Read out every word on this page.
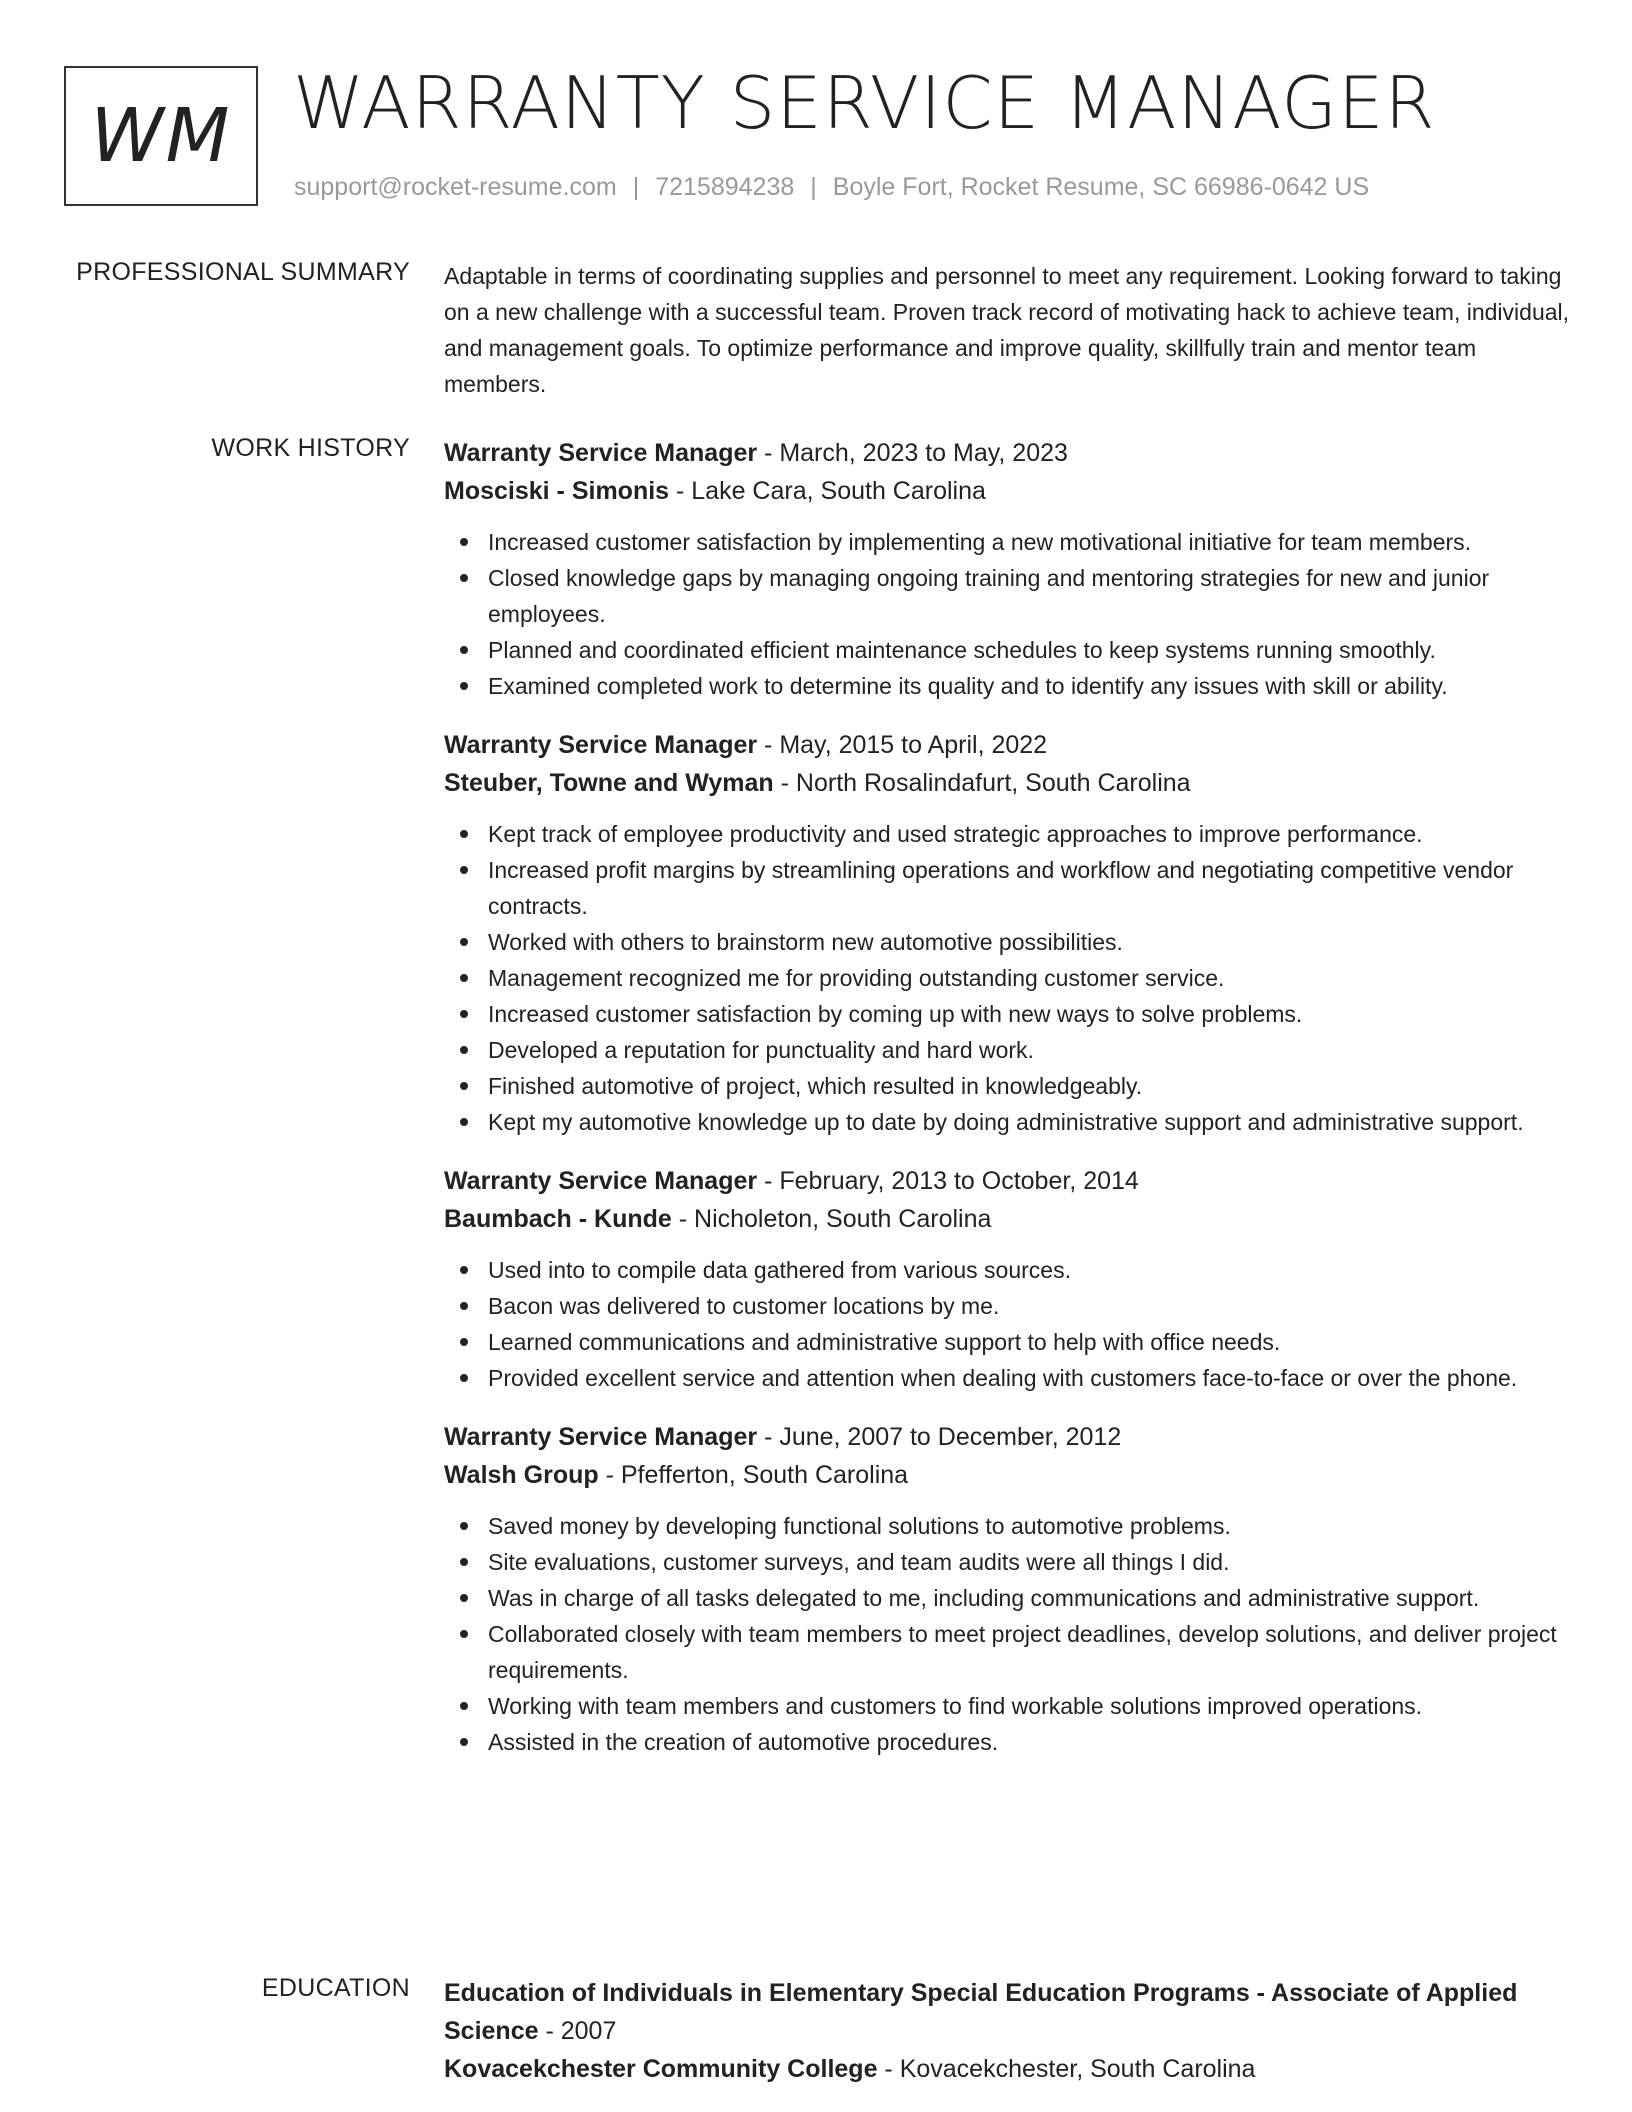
WM WARRANTY SERVICE MANAGER
support@rocket-resume.com | 7215894238 | Boyle Fort, Rocket Resume, SC 66986-0642 US
PROFESSIONAL SUMMARY Adaptable in terms of coordinating supplies and personnel to meet any requirement. Looking forward to taking on a new challenge with a successful team. Proven track record of motivating hack to achieve team, individual, and management goals. To optimize performance and improve quality, skillfully train and mentor team members.

WORK HISTORY Warranty Service Manager - March, 2023 to May, 2023
Mosciski - Simonis - Lake Cara, South Carolina
Increased customer satisfaction by implementing a new motivational initiative for team members.
Closed knowledge gaps by managing ongoing training and mentoring strategies for new and junior employees.
Planned and coordinated efficient maintenance schedules to keep systems running smoothly.
Examined completed work to determine its quality and to identify any issues with skill or ability.
Warranty Service Manager - May, 2015 to April, 2022
Steuber, Towne and Wyman - North Rosalindafurt, South Carolina
Kept track of employee productivity and used strategic approaches to improve performance.
Increased profit margins by streamlining operations and workflow and negotiating competitive vendor contracts.
Worked with others to brainstorm new automotive possibilities.
Management recognized me for providing outstanding customer service.
Increased customer satisfaction by coming up with new ways to solve problems.
Developed a reputation for punctuality and hard work.
Finished automotive of project, which resulted in knowledgeably.
Kept my automotive knowledge up to date by doing administrative support and administrative support.
Warranty Service Manager - February, 2013 to October, 2014
Baumbach - Kunde - Nicholeton, South Carolina
Used into to compile data gathered from various sources.
Bacon was delivered to customer locations by me.
Learned communications and administrative support to help with office needs.
Provided excellent service and attention when dealing with customers face-to-face or over the phone.
Warranty Service Manager - June, 2007 to December, 2012
Walsh Group - Pfefferton, South Carolina
Saved money by developing functional solutions to automotive problems.
Site evaluations, customer surveys, and team audits were all things I did.
Was in charge of all tasks delegated to me, including communications and administrative support.
Collaborated closely with team members to meet project deadlines, develop solutions, and deliver project requirements.
Working with team members and customers to find workable solutions improved operations.
Assisted in the creation of automotive procedures.
EDUCATION Education of Individuals in Elementary Special Education Programs - Associate of Applied Science - 2007
Kovacekchester Community College - Kovacekchester, South Carolina
